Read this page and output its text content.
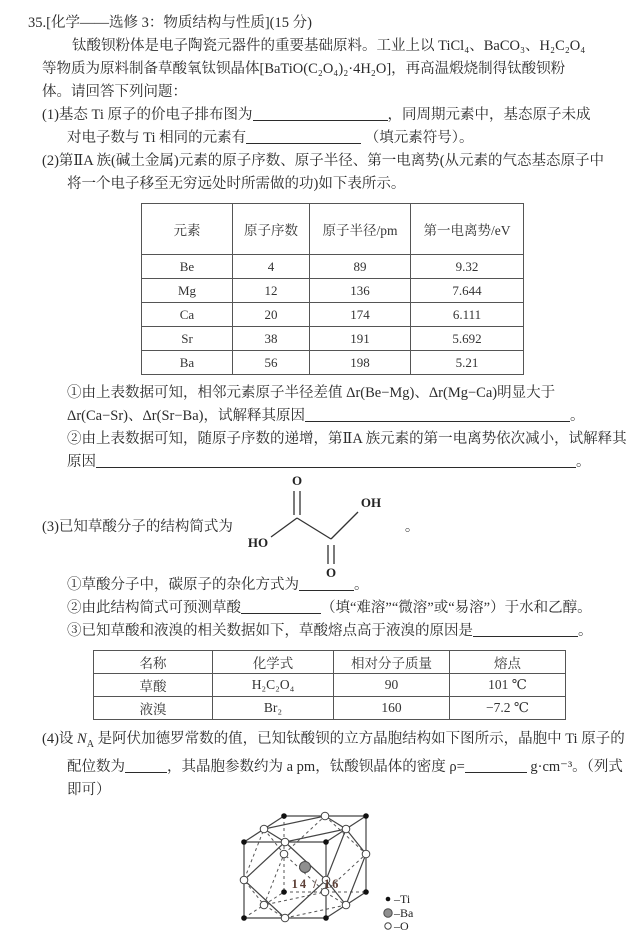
35.[化学——选修 3：物质结构与性质](15 分)
钛酸钡粉体是电子陶瓷元器件的重要基础原料。工业上以 TiCl₄、BaCO₃、H₂C₂O₄
等物质为原料制备草酸氧钛钡晶体[BaTiO(C₂O₄)₂·4H₂O]，再高温煅烧制得钛酸钡粉
体。请回答下列问题：
(1)基态 Ti 原子的价电子排布图为	，同周期元素中，基态原子未成
对电子数与 Ti 相同的元素有	（填元素符号）。
(2)第ⅡA 族(碱土金属)元素的原子序数、原子半径、第一电离势(从元素的气态基态原子中
将一个电子移至无穷远处时所需做的功)如下表所示。
元素	原子序数	原子半径/pm	第一电离势/eV
Be	4	89	9.32
Mg	12	136	7.644
Ca	20	174	6.111
Sr	38	191	5.692
Ba	56	198	5.21
①由上表数据可知，相邻元素原子半径差值 Δr(Be−Mg)、Δr(Mg−Ca)明显大于
Δr(Ca−Sr)、Δr(Sr−Ba)，试解释其原因	。
②由上表数据可知，随原子序数的递增，第ⅡA 族元素的第一电离势依次减小，试解释其
原因	。
(3)已知草酸分子的结构简式为
O
HO
OH
O
。
①草酸分子中，碳原子的杂化方式为	。
②由此结构简式可预测草酸	（填“难溶”“微溶”或“易溶”）于水和乙醇。
③已知草酸和液溴的相关数据如下，草酸熔点高于液溴的原因是	。
名称	化学式	相对分子质量	熔点
草酸	H₂C₂O₄	90	101 ℃
液溴	Br₂	160	−7.2 ℃
(4)设 $N_A$ 是阿伏加德罗常数的值，已知钛酸钡的立方晶胞结构如下图所示，晶胞中 Ti 原子的
配位数为	，其晶胞参数约为 a pm，钛酸钡晶体的密度 ρ=	g·cm⁻³。（列式
即可）
–Ti
–Ba
–O
14 / 16
